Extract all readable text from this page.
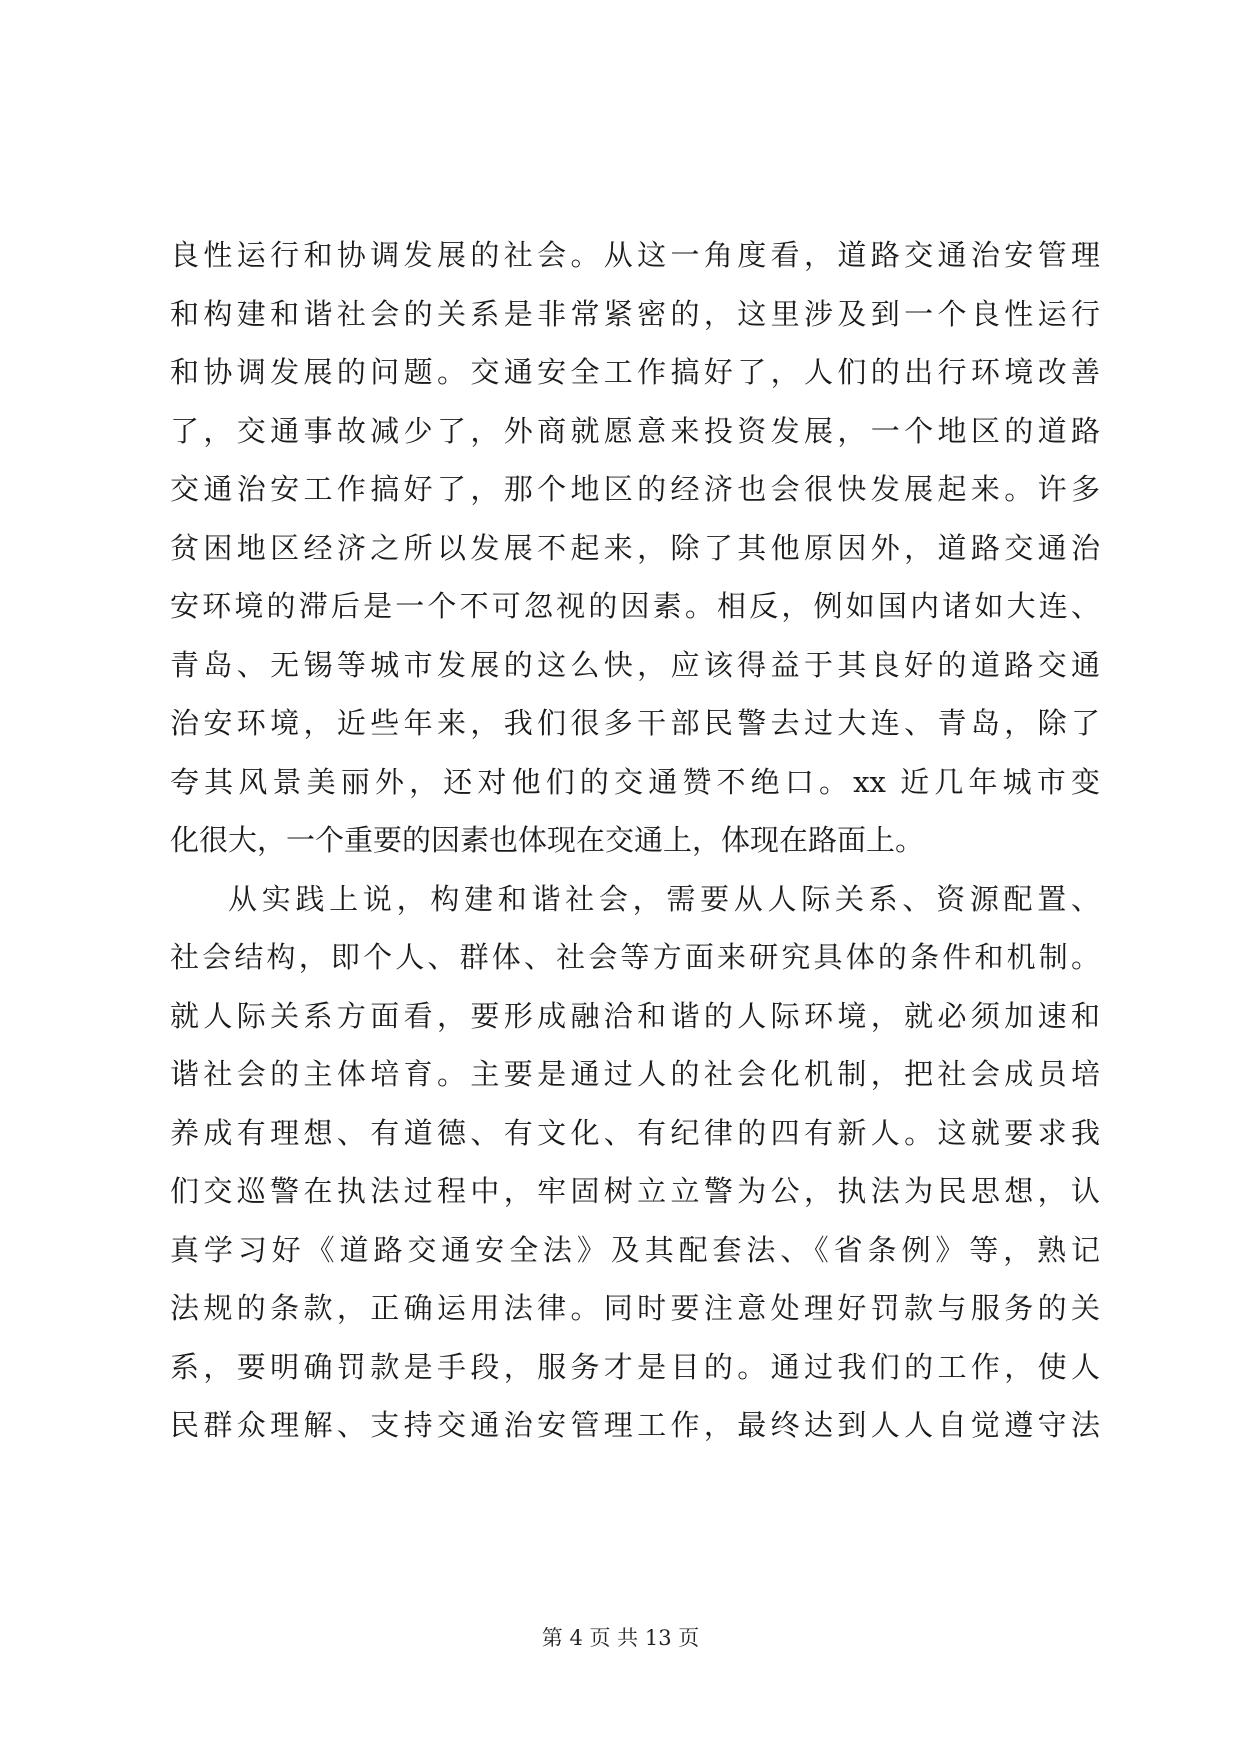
良性运行和协调发展的社会。从这一角度看，道路交通治安管理
和构建和谐社会的关系是非常紧密的，这里涉及到一个良性运行
和协调发展的问题。交通安全工作搞好了，人们的出行环境改善
了，交通事故减少了，外商就愿意来投资发展，一个地区的道路
交通治安工作搞好了，那个地区的经济也会很快发展起来。许多
贫困地区经济之所以发展不起来，除了其他原因外，道路交通治
安环境的滞后是一个不可忽视的因素。相反，例如国内诸如大连、
青岛、无锡等城市发展的这么快，应该得益于其良好的道路交通
治安环境，近些年来，我们很多干部民警去过大连、青岛，除了
夸其风景美丽外，还对他们的交通赞不绝口。xx 近几年城市变
化很大，一个重要的因素也体现在交通上，体现在路面上。
从实践上说，构建和谐社会，需要从人际关系、资源配置、
社会结构，即个人、群体、社会等方面来研究具体的条件和机制。
就人际关系方面看，要形成融洽和谐的人际环境，就必须加速和
谐社会的主体培育。主要是通过人的社会化机制，把社会成员培
养成有理想、有道德、有文化、有纪律的四有新人。这就要求我
们交巡警在执法过程中，牢固树立立警为公，执法为民思想，认
真学习好《道路交通安全法》及其配套法、《省条例》等，熟记
法规的条款，正确运用法律。同时要注意处理好罚款与服务的关
系，要明确罚款是手段，服务才是目的。通过我们的工作，使人
民群众理解、支持交通治安管理工作，最终达到人人自觉遵守法
第 4 页 共 13 页
